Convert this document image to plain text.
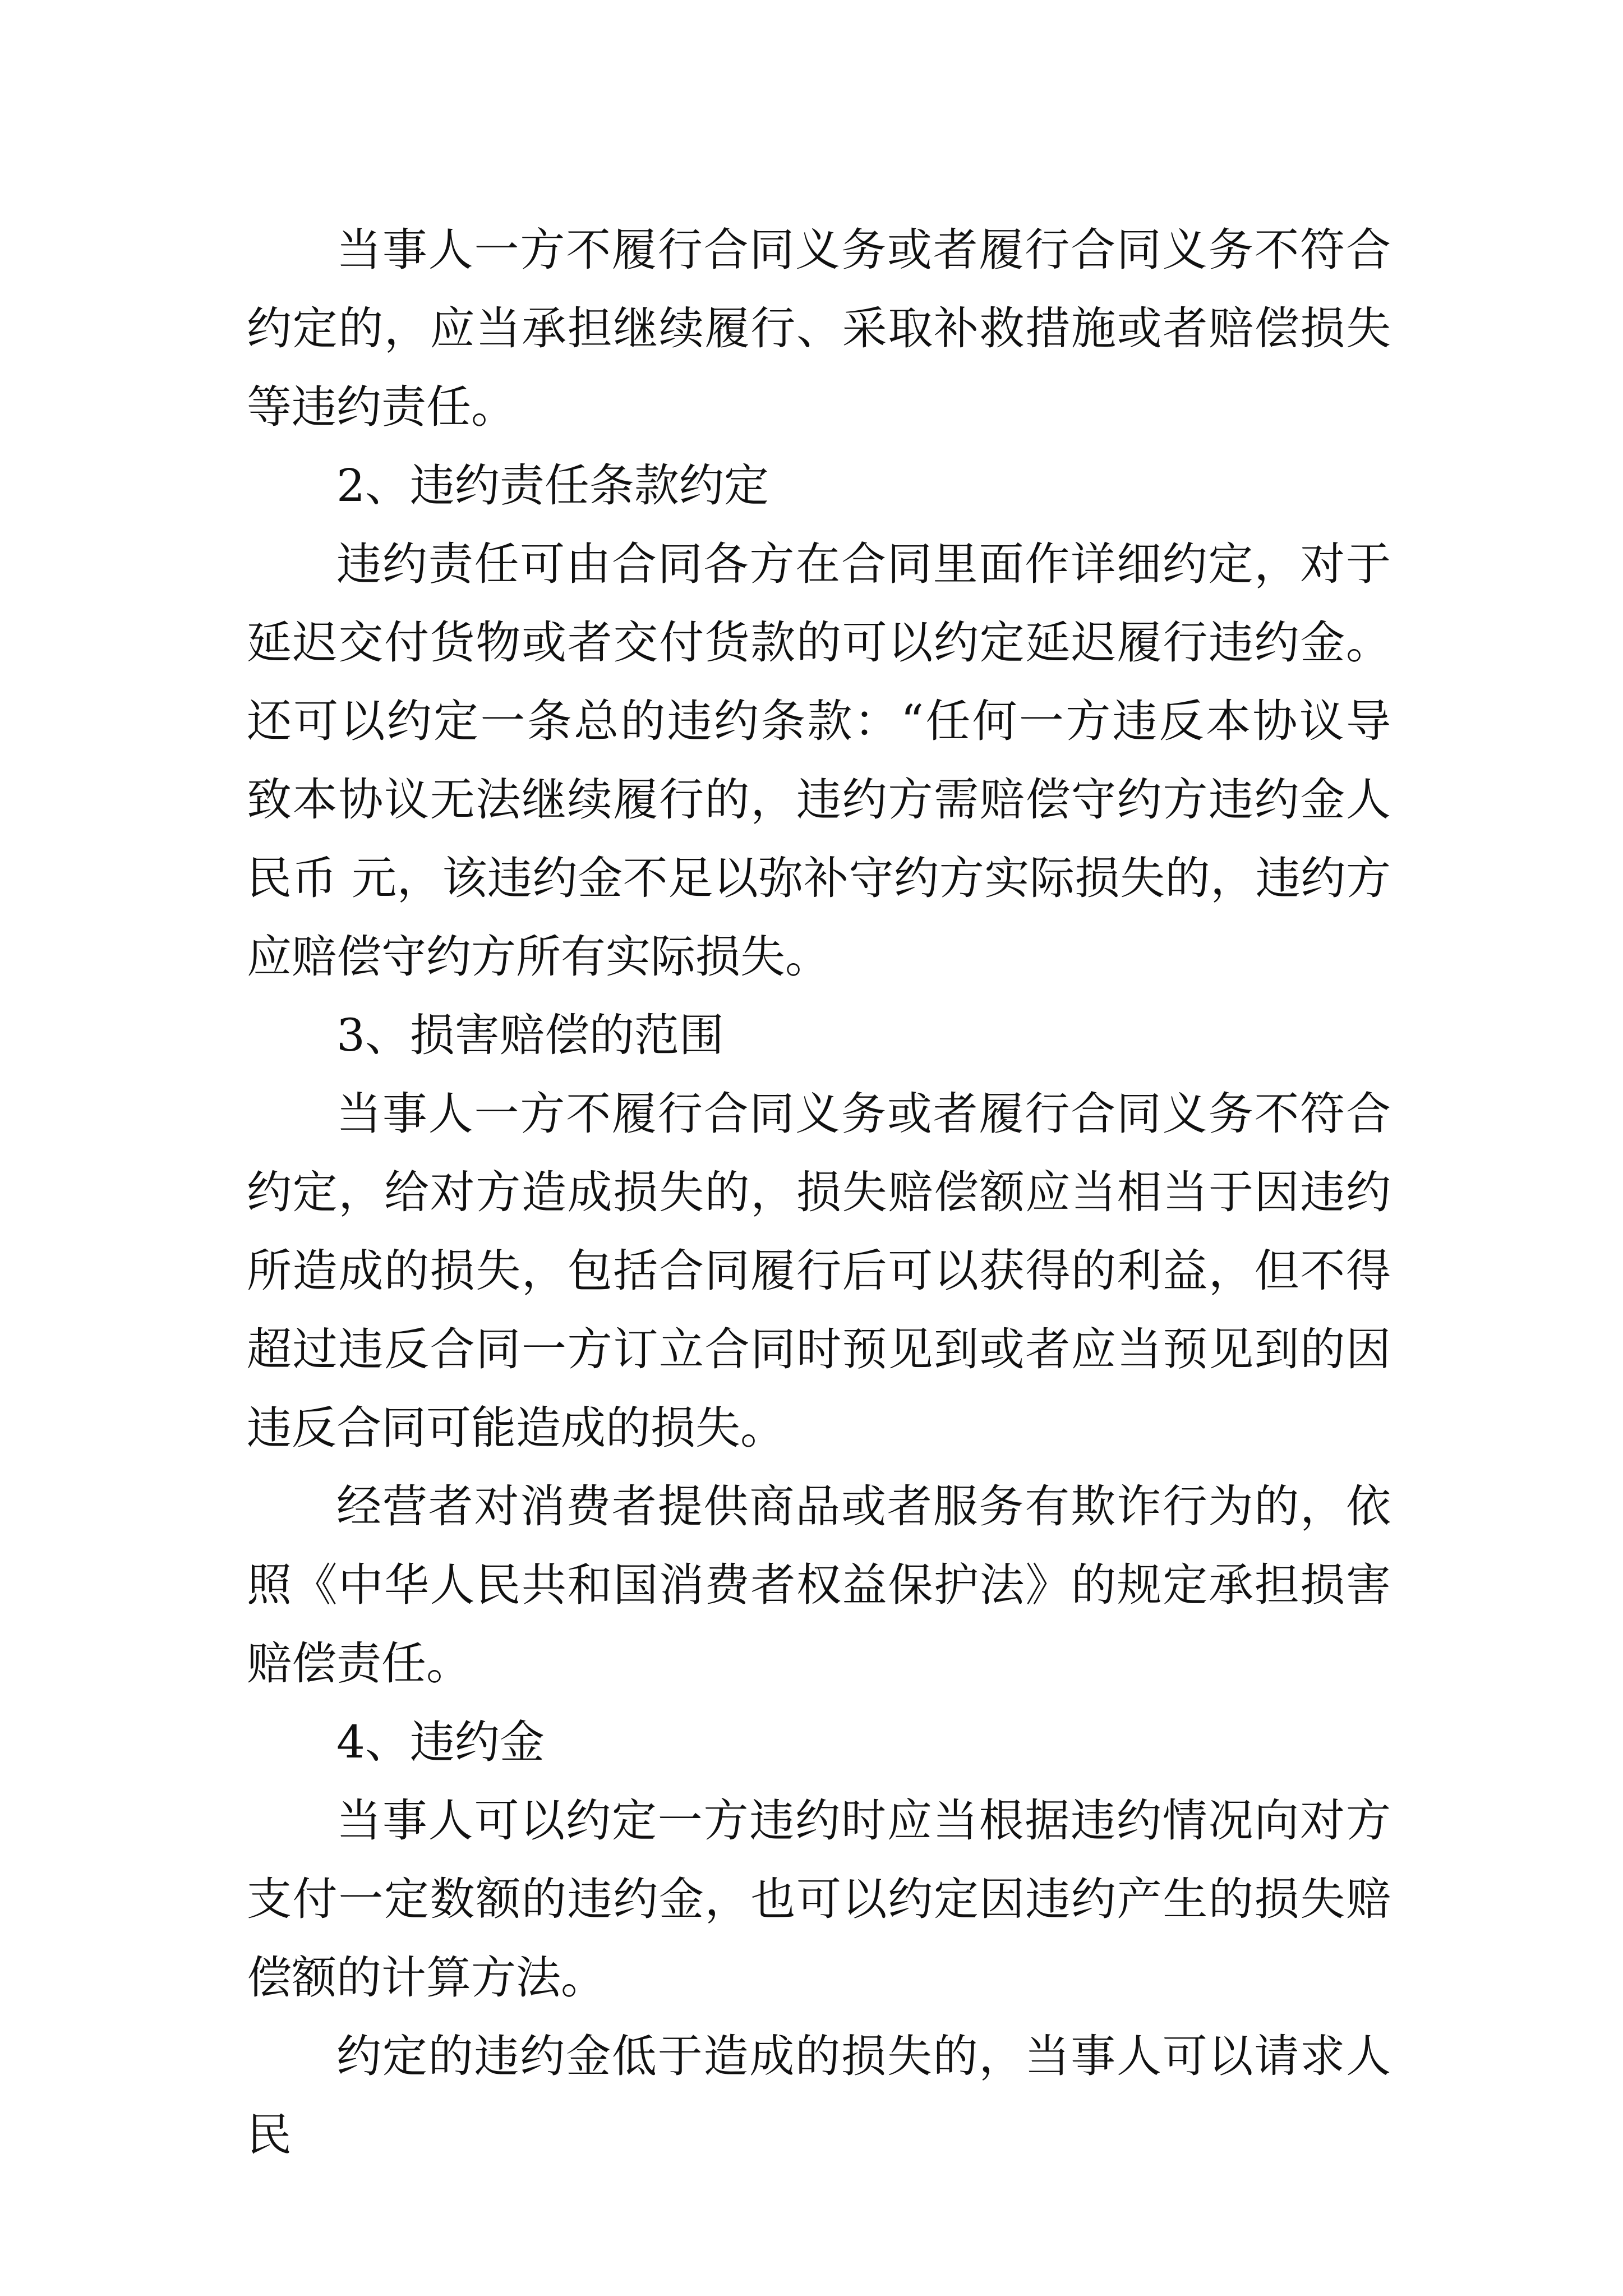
当事人一方不履行合同义务或者履行合同义务不符合约定的，应当承担继续履行、采取补救措施或者赔偿损失等违约责任。

2、违约责任条款约定

违约责任可由合同各方在合同里面作详细约定，对于延迟交付货物或者交付货款的可以约定延迟履行违约金。还可以约定一条总的违约条款：“任何一方违反本协议导致本协议无法继续履行的，违约方需赔偿守约方违约金人民币 元，该违约金不足以弥补守约方实际损失的，违约方应赔偿守约方所有实际损失。

3、损害赔偿的范围

当事人一方不履行合同义务或者履行合同义务不符合约定，给对方造成损失的，损失赔偿额应当相当于因违约所造成的损失，包括合同履行后可以获得的利益，但不得超过违反合同一方订立合同时预见到或者应当预见到的因违反合同可能造成的损失。

经营者对消费者提供商品或者服务有欺诈行为的，依照《中华人民共和国消费者权益保护法》的规定承担损害赔偿责任。

4、违约金

当事人可以约定一方违约时应当根据违约情况向对方支付一定数额的违约金，也可以约定因违约产生的损失赔偿额的计算方法。

约定的违约金低于造成的损失的，当事人可以请求人民
